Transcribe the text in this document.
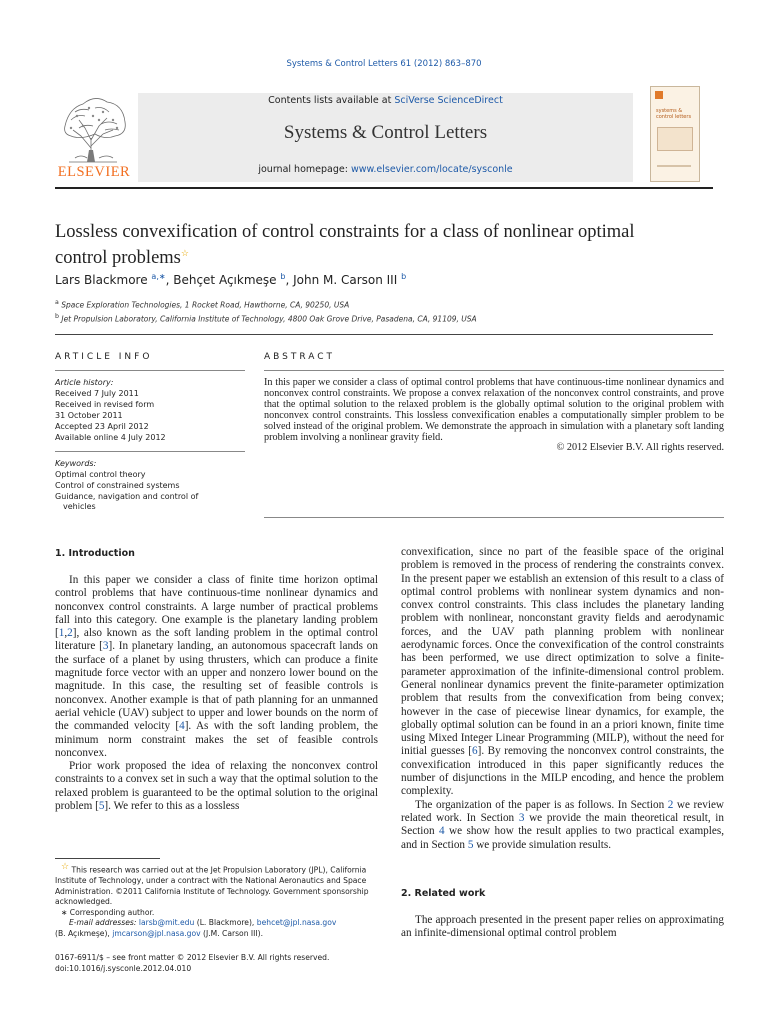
Systems & Control Letters 61 (2012) 863–870
Contents lists available at SciVerse ScienceDirect
Systems & Control Letters
journal homepage: www.elsevier.com/locate/sysconle
ELSEVIER
systems &
control letters
Lossless convexification of control constraints for a class of nonlinear optimal
control problems☆
Lars Blackmore $^{a,∗}$, Behçet Açıkmeşe $^b$, John M. Carson III $^b$
$^a$ Space Exploration Technologies, 1 Rocket Road, Hawthorne, CA, 90250, USA
$^b$ Jet Propulsion Laboratory, California Institute of Technology, 4800 Oak Grove Drive, Pasadena, CA, 91109, USA
ARTICLE INFO
Article history:
Received 7 July 2011
Received in revised form
31 October 2011
Accepted 23 April 2012
Available online 4 July 2012
Keywords:
Optimal control theory
Control of constrained systems
Guidance, navigation and control of
vehicles
ABSTRACT
In this paper we consider a class of optimal control problems that have continuous-time nonlinear dynamics and nonconvex control constraints. We propose a convex relaxation of the nonconvex control constraints, and prove that the optimal solution to the relaxed problem is the globally optimal solution to the original problem with nonconvex control constraints. This lossless convexification enables a computationally simpler problem to be solved instead of the original problem. We demonstrate the approach in simulation with a planetary soft landing problem involving a nonlinear gravity field.
© 2012 Elsevier B.V. All rights reserved.
1. Introduction

In this paper we consider a class of finite time horizon optimal control problems that have continuous-time nonlinear dynamics and nonconvex control constraints. A large number of practical problems fall into this category. One example is the planetary landing problem [1,2], also known as the soft landing problem in the optimal control literature [3]. In planetary landing, an autonomous spacecraft lands on the surface of a planet by using thrusters, which can produce a finite magnitude force vector with an upper and nonzero lower bound on the magnitude. In this case, the resulting set of feasible controls is nonconvex. Another example is that of path planning for an unmanned aerial vehicle (UAV) subject to upper and lower bounds on the norm of the commanded velocity [4]. As with the soft landing problem, the minimum norm constraint makes the set of feasible controls nonconvex.

Prior work proposed the idea of relaxing the nonconvex control constraints to a convex set in such a way that the optimal solution to the relaxed problem is guaranteed to be the optimal solution to the original problem [5]. We refer to this as a lossless

☆ This research was carried out at the Jet Propulsion Laboratory (JPL), California Institute of Technology, under a contract with the National Aeronautics and Space Administration. ©2011 California Institute of Technology. Government sponsorship acknowledged.
∗ Corresponding author.
E-mail addresses: larsb@mit.edu (L. Blackmore), behcet@jpl.nasa.gov
(B. Açıkmeşe), jmcarson@jpl.nasa.gov (J.M. Carson III).
0167-6911/$ – see front matter © 2012 Elsevier B.V. All rights reserved.
doi:10.1016/j.sysconle.2012.04.010

convexification, since no part of the feasible space of the original problem is removed in the process of rendering the constraints convex. In the present paper we establish an extension of this result to a class of optimal control problems with nonlinear system dynamics and non-convex control constraints. This class includes the planetary landing problem with nonlinear, nonconstant gravity fields and aerodynamic forces, and the UAV path planning problem with nonlinear aerodynamic forces. Once the convexification of the control constraints has been performed, we use direct optimization to solve a finite-parameter approximation of the infinite-dimensional control problem. General nonlinear dynamics prevent the finite-parameter optimization problem that results from the convexification from being convex; however in the case of piecewise linear dynamics, for example, the globally optimal solution can be found in an a priori known, finite time using Mixed Integer Linear Programming (MILP), without the need for initial guesses [6]. By removing the nonconvex control constraints, the convexification introduced in this paper significantly reduces the number of disjunctions in the MILP encoding, and hence the problem complexity.

The organization of the paper is as follows. In Section 2 we review related work. In Section 3 we provide the main theoretical result, in Section 4 we show how the result applies to two practical examples, and in Section 5 we provide simulation results.

2. Related work

The approach presented in the present paper relies on approximating an infinite-dimensional optimal control problem
